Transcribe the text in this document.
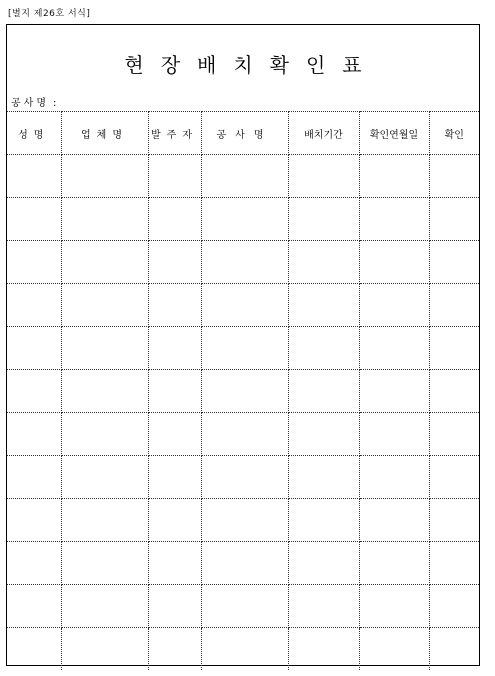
[별지 제26호 서식]
현장배치확인표
공사명 :
성명	업체명	발주자	공사명	배치기간	확인연월일	확인
